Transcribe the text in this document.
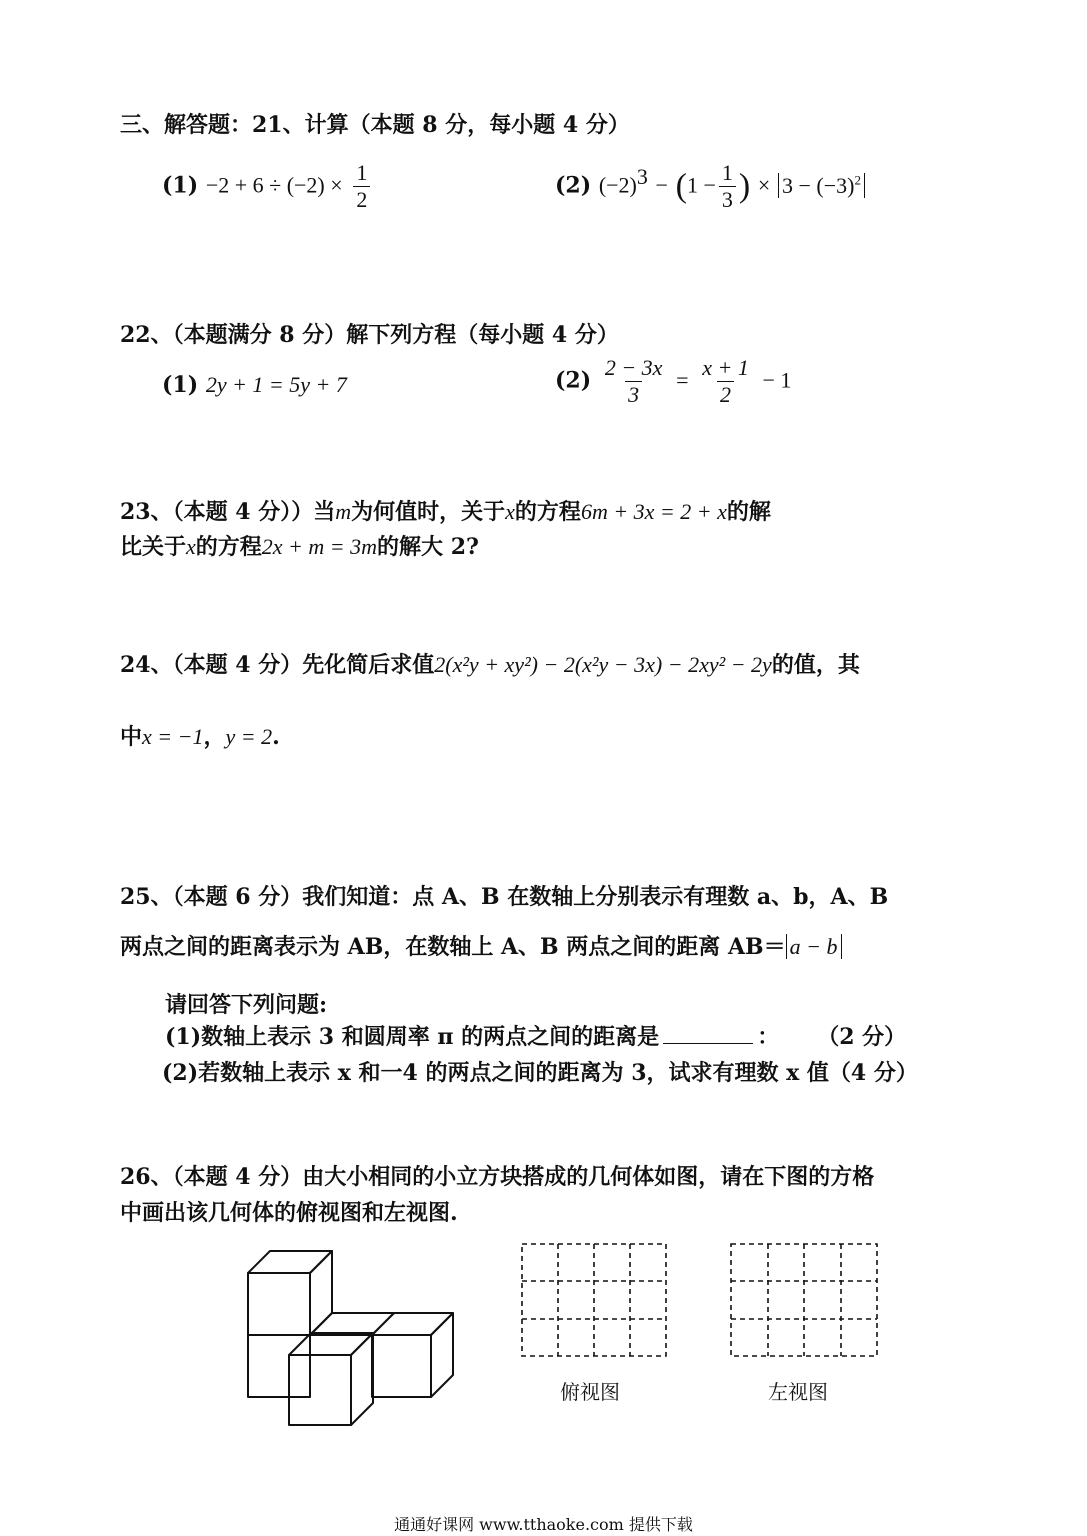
三、解答题：21、计算（本题 8 分，每小题 4 分）
$(1) -2 + 6 \div (-2) \times \frac{1}{2}$	(2) $(-2)^3 - (1 - \frac{1}{3}$ ) × $3 - (-3)^2$
22、（本题满分 8 分）解下列方程（每小题 4 分）
(1) 2y + 1 = 5y + 7	$(2) \frac{2 - 3x}{3} = \frac{x + 1}{2} - 1$
23、（本题 4 分））当m为何值时，关于x的方程6m + 3x = 2 + x的解
比关于x的方程2x + m = 3m的解大 2?
24、（本题 4 分）先化简后求值2(x²y + xy²) − 2(x²y − 3x) − 2xy² − 2y的值，其
中x = −1，y = 2.
25、（本题 6 分）我们知道：点 A、B 在数轴上分别表示有理数 a、b，A、B
两点之间的距离表示为 AB，在数轴上 A、B 两点之间的距离 AB＝ a − b
请回答下列问题:
(1)数轴上表示 3 和圆周率 π 的两点之间的距离是	： （2 分）
(2)若数轴上表示 x 和一4 的两点之间的距离为 3，试求有理数 x 值（4 分）
26、（本题 4 分）由大小相同的小立方块搭成的几何体如图，请在下图的方格
中画出该几何体的俯视图和左视图.
俯视图	左视图
通通好课网 www.tthaoke.com 提供下载
